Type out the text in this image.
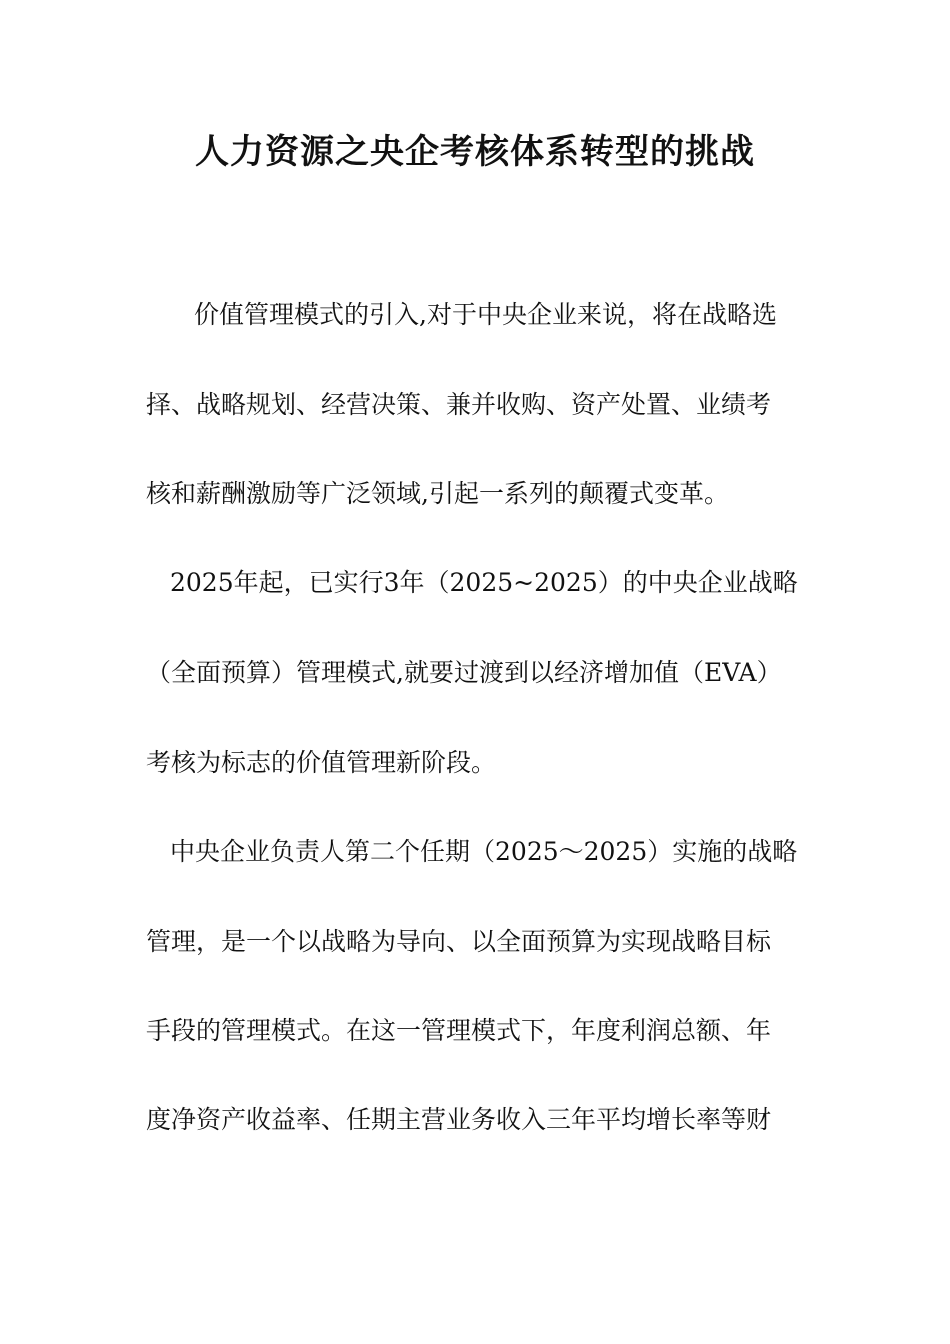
人力资源之央企考核体系转型的挑战
价值管理模式的引入,对于中央企业来说，将在战略选
择、战略规划、经营决策、兼并收购、资产处置、业绩考
核和薪酬激励等广泛领域,引起一系列的颠覆式变革。
2025年起，已实行3年（2025~2025）的中央企业战略
（全面预算）管理模式,就要过渡到以经济增加值（EVA）
考核为标志的价值管理新阶段。
中央企业负责人第二个任期（2025～2025）实施的战略
管理，是一个以战略为导向、以全面预算为实现战略目标
手段的管理模式。在这一管理模式下，年度利润总额、年
度净资产收益率、任期主营业务收入三年平均增长率等财
